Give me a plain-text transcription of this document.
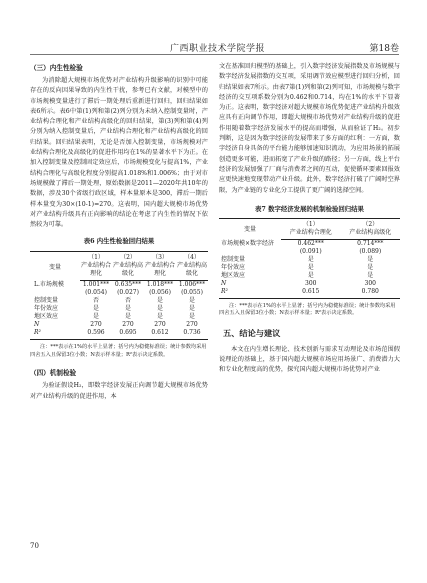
广西职业技术学院学报	第18卷

（三）内生性检验

为消除超大规模市场优势对产业结构升级影响的识别中可能存在的反向因果导致的内生性干扰，参考已有文献，对模型中的市场规模变量进行了滞后一期处理后重新进行回归，回归结果如表6所示。表6中第(1)列和第(2)列分别为未纳入控制变量时，产业结构合理化和产业结构高级化的回归结果，第(3)列和第(4)列分别为纳入控制变量后，产业结构合理化和产业结构高级化的回归结果。回归结果表明，无论是否加入控制变量，市场规模对产业结构合理化及高级化的促进作用均在1%的显著水平下为正。在加入控制变量及控制固定效应后，市场规模变化与提高1%，产业结构合理化与高级化程度分别提高1.018%和1.006%；由于对市场规模做了滞后一期处理，原始数据是2011—2020年共10年的数据，涉及30个省级行政区域，样本量原本是300，滞后一期后样本量变为30×(10-1)=270。这表明，国内超大规模市场优势对产业结构升级具有正向影响的结论在考虑了内生性的情况下依然较为可靠。

表6 内生性检验回归结果

变量	（1）	（2）	（3）	（4）
	产业结构合理化	产业结构高级化	产业结构合理化	产业结构高级化
L.市场规模	1.001***	0.635***	1.018***	1.006***
	(0.054)	(0.027)	(0.056)	(0.055)
控制变量	否	否	是	是
年份效应	是	是	是	是
地区效应	是	是	是	是
N	270	270	270	270
R²	0.596	0.695	0.612	0.736

注：***表示在1%的水平上显著；括号内为稳健标准误；统计参数均采用四舍五入且保留3位小数；N表示样本量；R²表示决定系数。

（四）机制检验

为验证假设H₂，即数字经济发展正向调节超大规模市场优势对产业结构升级的促进作用，本

文在基准回归模型的基础上，引入数字经济发展指数及市场规模与数字经济发展指数的交互项，采用调节效应模型进行回归分析，回归结果如表7所示。由表7第(1)列和第(2)列可知，市场规模与数字经济的交互项系数分别为0.462和0.714，均在1%的水平下显著为正。这表明，数字经济对超大规模市场优势促进产业结构升级效应具有正向调节作用，即超大规模市场优势对产业结构升级的促进作用随着数字经济发展水平的提高而增强，从而验证了H₂。初步判断，这是因为数字经济的发展带来了多方面的红利：一方面，数字经济自身具备的平台能力能够加速知识流动，为应用场景的拓展创造更多可能，进而拓宽了产业升级的路径；另一方面，线上平台经济的发展加强了厂商与消费者之间的互动，促使循环要素回报效应更快速地变现带动产业升级。此外，数字经济打破了广阔时空界限，为产业链的专业化分工提供了更广阔的选择空间。

表7 数字经济发展的机制检验回归结果

变量	（1）	（2）
	产业结构合理化	产业结构高级化
市场规模×数字经济	0.462***	0.714***
	(0.091)	(0.089)
控制变量	是	是
年份效应	是	是
地区效应	是	是
N	300	300
R²	0.615	0.780

注：***表示在1%的水平上显著；括号内为稳健标准误；统计参数均采用四舍五入且保留3位小数；N表示样本量；R²表示决定系数。

五、结论与建议

本文在内生增长理论、技术创新与需求互动理论及市场范围假说理论的基础上，基于国内超大规模市场应用场景广、消费潜力大和专业化程度高的优势，探究国内超大规模市场优势对产业

70
